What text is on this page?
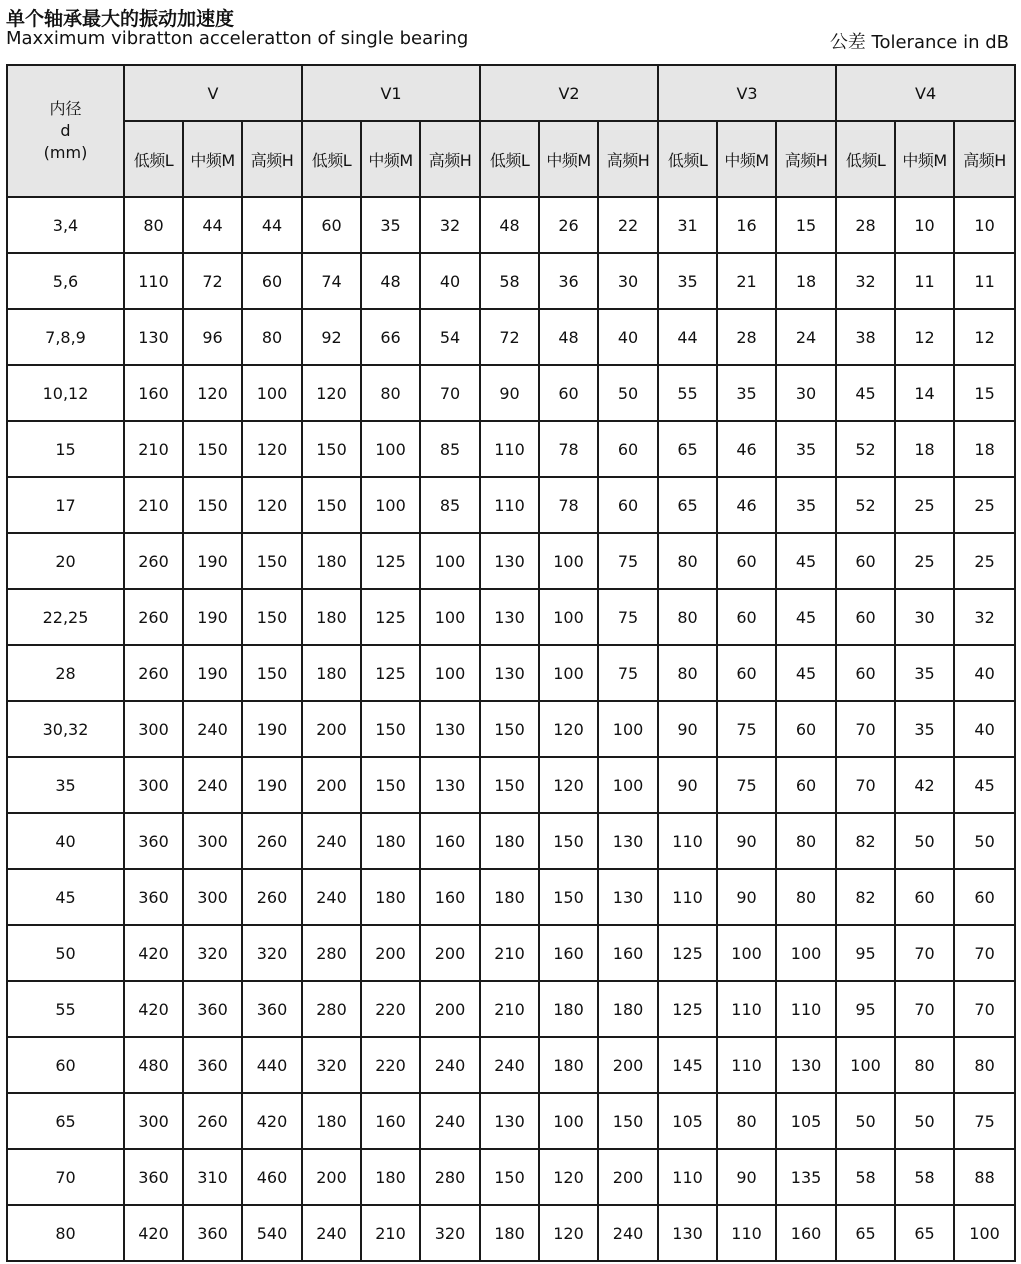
单个轴承最大的振动加速度
Maxximum vibratton acceleratton of single bearing	公差 Tolerance in dB
内径
d
(mm)	V			V1			V2			V3			V4		
	低频L	中频M	高频H	低频L	中频M	高频H	低频L	中频M	高频H	低频L	中频M	高频H	低频L	中频M	高频H
3,4	80	44	44	60	35	32	48	26	22	31	16	15	28	10	10
5,6	110	72	60	74	48	40	58	36	30	35	21	18	32	11	11
7,8,9	130	96	80	92	66	54	72	48	40	44	28	24	38	12	12
10,12	160	120	100	120	80	70	90	60	50	55	35	30	45	14	15
15	210	150	120	150	100	85	110	78	60	65	46	35	52	18	18
17	210	150	120	150	100	85	110	78	60	65	46	35	52	25	25
20	260	190	150	180	125	100	130	100	75	80	60	45	60	25	25
22,25	260	190	150	180	125	100	130	100	75	80	60	45	60	30	32
28	260	190	150	180	125	100	130	100	75	80	60	45	60	35	40
30,32	300	240	190	200	150	130	150	120	100	90	75	60	70	35	40
35	300	240	190	200	150	130	150	120	100	90	75	60	70	42	45
40	360	300	260	240	180	160	180	150	130	110	90	80	82	50	50
45	360	300	260	240	180	160	180	150	130	110	90	80	82	60	60
50	420	320	320	280	200	200	210	160	160	125	100	100	95	70	70
55	420	360	360	280	220	200	210	180	180	125	110	110	95	70	70
60	480	360	440	320	220	240	240	180	200	145	110	130	100	80	80
65	300	260	420	180	160	240	130	100	150	105	80	105	50	50	75
70	360	310	460	200	180	280	150	120	200	110	90	135	58	58	88
80	420	360	540	240	210	320	180	120	240	130	110	160	65	65	100
